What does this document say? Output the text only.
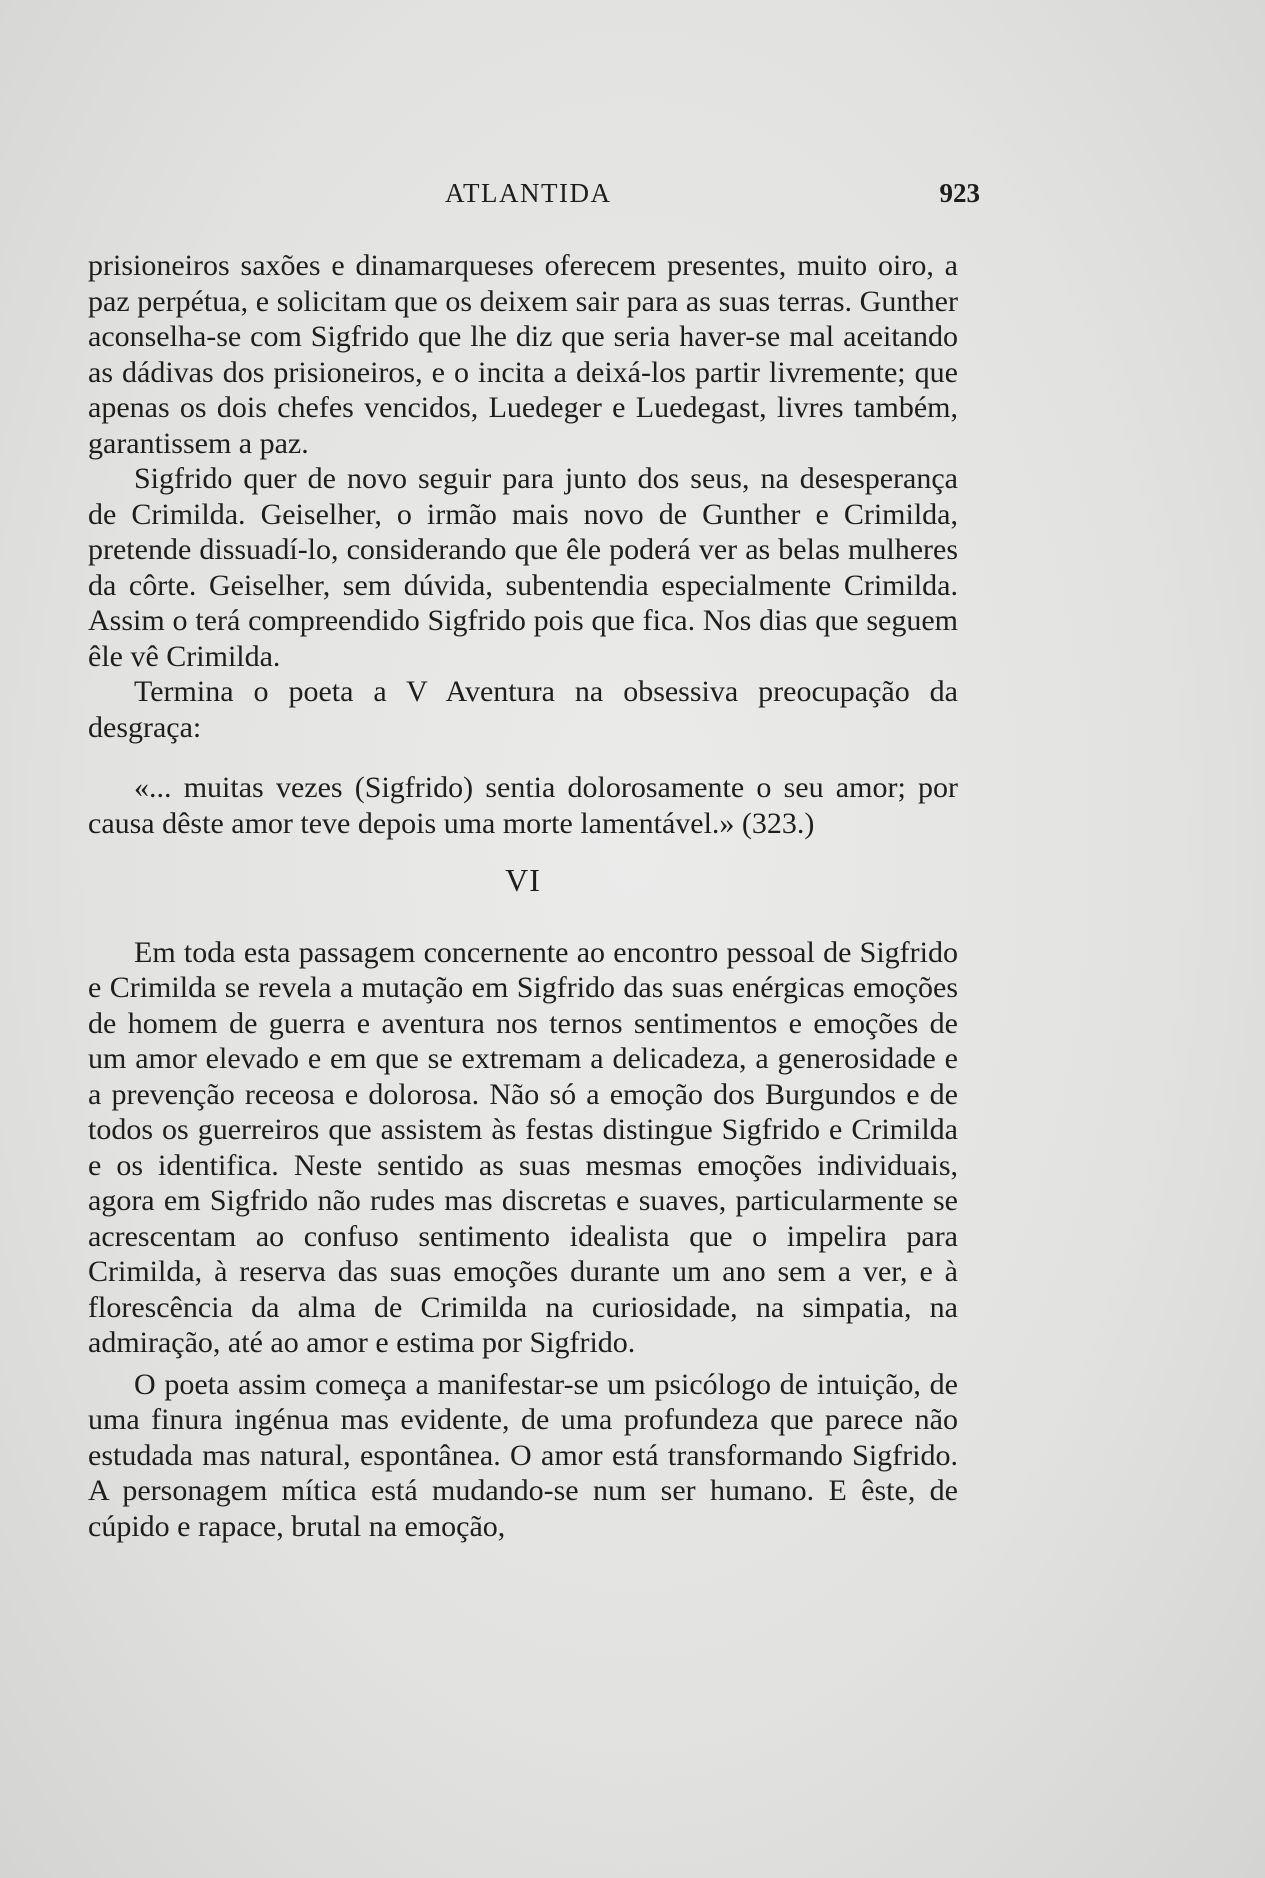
ATLANTIDA	923

prisioneiros saxões e dinamarqueses oferecem presentes, muito oiro, a paz perpétua, e solicitam que os deixem sair para as suas terras. Gunther aconselha-se com Sigfrido que lhe diz que seria haver-se mal aceitando as dádivas dos prisioneiros, e o incita a deixá-los partir livremente; que apenas os dois chefes vencidos, Luedeger e Luedegast, livres também, garantissem a paz.

Sigfrido quer de novo seguir para junto dos seus, na desesperança de Crimilda. Geiselher, o irmão mais novo de Gunther e Crimilda, pretende dissuadí-lo, considerando que êle poderá ver as belas mulheres da côrte. Geiselher, sem dúvida, subentendia especialmente Crimilda. Assim o terá compreendido Sigfrido pois que fica. Nos dias que seguem êle vê Crimilda.

Termina o poeta a V Aventura na obsessiva preocupação da desgraça:

«... muitas vezes (Sigfrido) sentia dolorosamente o seu amor; por causa dêste amor teve depois uma morte lamentável.» (323.)

VI

Em toda esta passagem concernente ao encontro pessoal de Sigfrido e Crimilda se revela a mutação em Sigfrido das suas enérgicas emoções de homem de guerra e aventura nos ternos sentimentos e emoções de um amor elevado e em que se extremam a delicadeza, a generosidade e a prevenção receosa e dolorosa. Não só a emoção dos Burgundos e de todos os guerreiros que assistem às festas distingue Sigfrido e Crimilda e os identifica. Neste sentido as suas mesmas emoções individuais, agora em Sigfrido não rudes mas discretas e suaves, particularmente se acrescentam ao confuso sentimento idealista que o impelira para Crimilda, à reserva das suas emoções durante um ano sem a ver, e à florescência da alma de Crimilda na curiosidade, na simpatia, na admiração, até ao amor e estima por Sigfrido.

O poeta assim começa a manifestar-se um psicólogo de intuição, de uma finura ingénua mas evidente, de uma profundeza que parece não estudada mas natural, espontânea. O amor está transformando Sigfrido. A personagem mítica está mudando-se num ser humano. E êste, de cúpido e rapace, brutal na emoção,
